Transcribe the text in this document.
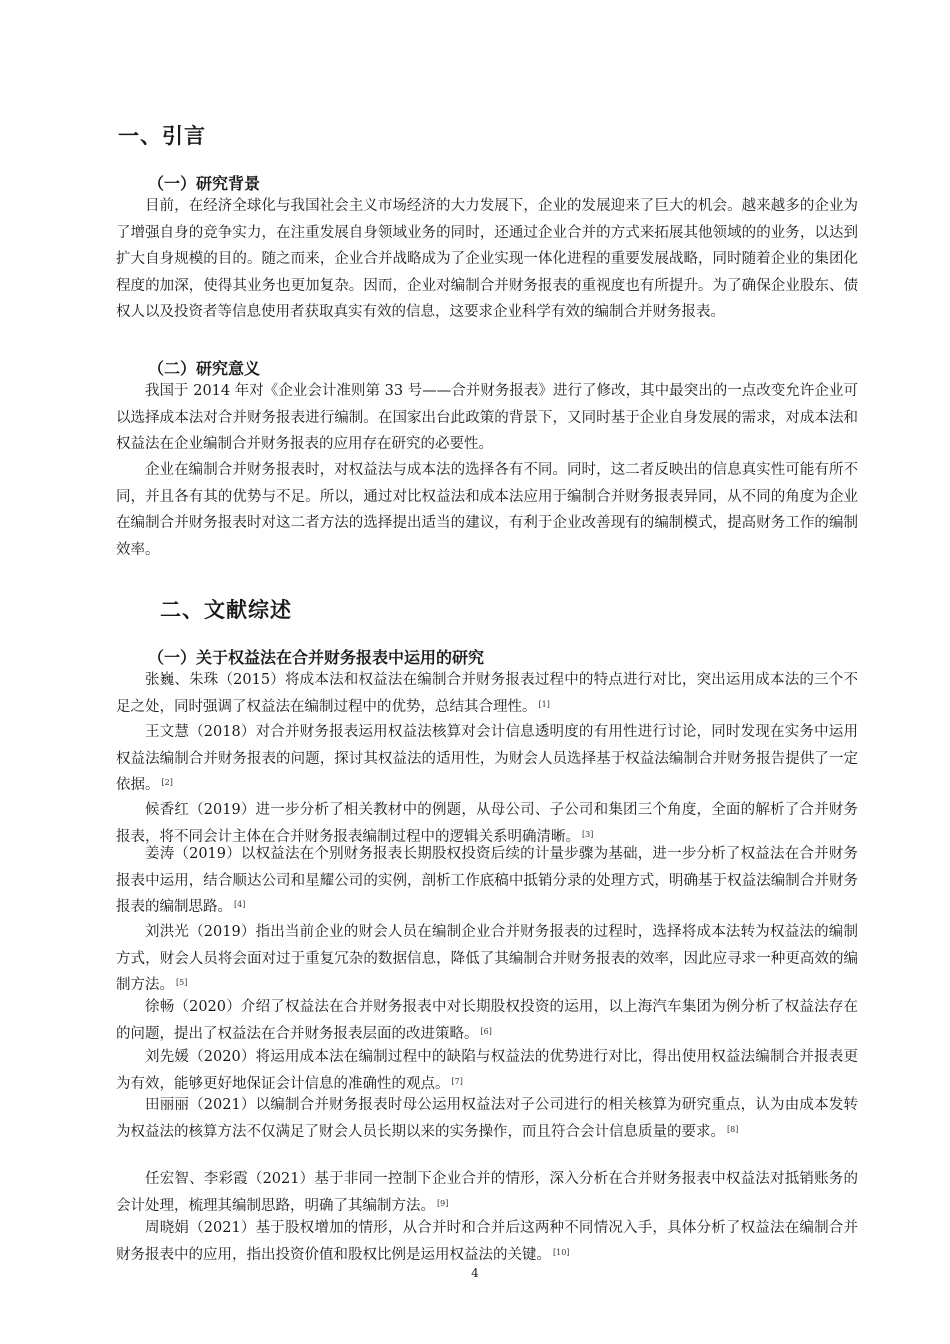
一、引言
（一）研究背景

目前，在经济全球化与我国社会主义市场经济的大力发展下，企业的发展迎来了巨大的机会。越来越多的企业为了增强自身的竞争实力，在注重发展自身领域业务的同时，还通过企业合并的方式来拓展其他领域的的业务，以达到扩大自身规模的目的。随之而来，企业合并战略成为了企业实现一体化进程的重要发展战略，同时随着企业的集团化程度的加深，使得其业务也更加复杂。因而，企业对编制合并财务报表的重视度也有所提升。为了确保企业股东、债权人以及投资者等信息使用者获取真实有效的信息，这要求企业科学有效的编制合并财务报表。

（二）研究意义

我国于 2014 年对《企业会计准则第 33 号——合并财务报表》进行了修改，其中最突出的一点改变允许企业可以选择成本法对合并财务报表进行编制。在国家出台此政策的背景下，又同时基于企业自身发展的需求，对成本法和权益法在企业编制合并财务报表的应用存在研究的必要性。

企业在编制合并财务报表时，对权益法与成本法的选择各有不同。同时，这二者反映出的信息真实性可能有所不同，并且各有其的优势与不足。所以，通过对比权益法和成本法应用于编制合并财务报表异同，从不同的角度为企业在编制合并财务报表时对这二者方法的选择提出适当的建议，有利于企业改善现有的编制模式，提高财务工作的编制效率。

二、文献综述
（一）关于权益法在合并财务报表中运用的研究

张巍、朱珠（2015）将成本法和权益法在编制合并财务报表过程中的特点进行对比，突出运用成本法的三个不足之处，同时强调了权益法在编制过程中的优势，总结其合理性。 [1]

王文慧（2018）对合并财务报表运用权益法核算对会计信息透明度的有用性进行讨论，同时发现在实务中运用权益法编制合并财务报表的问题，探讨其权益法的适用性，为财会人员选择基于权益法编制合并财务报告提供了一定依据。 [2]

候香红（2019）进一步分析了相关教材中的例题，从母公司、子公司和集团三个角度，全面的解析了合并财务报表，将不同会计主体在合并财务报表编制过程中的逻辑关系明确清晰。 [3]

姜涛（2019）以权益法在个别财务报表长期股权投资后续的计量步骤为基础，进一步分析了权益法在合并财务报表中运用，结合顺达公司和星耀公司的实例，剖析工作底稿中抵销分录的处理方式，明确基于权益法编制合并财务报表的编制思路。 [4]

刘洪光（2019）指出当前企业的财会人员在编制企业合并财务报表的过程时，选择将成本法转为权益法的编制方式，财会人员将会面对过于重复冗杂的数据信息，降低了其编制合并财务报表的效率，因此应寻求一种更高效的编制方法。 [5]

徐畅（2020）介绍了权益法在合并财务报表中对长期股权投资的运用，以上海汽车集团为例分析了权益法存在的问题，提出了权益法在合并财务报表层面的改进策略。 [6]

刘先媛（2020）将运用成本法在编制过程中的缺陷与权益法的优势进行对比，得出使用权益法编制合并报表更为有效，能够更好地保证会计信息的准确性的观点。 [7]

田丽丽（2021）以编制合并财务报表时母公运用权益法对子公司进行的相关核算为研究重点，认为由成本发转为权益法的核算方法不仅满足了财会人员长期以来的实务操作，而且符合会计信息质量的要求。 [8]

任宏智、李彩霞（2021）基于非同一控制下企业合并的情形，深入分析在合并财务报表中权益法对抵销账务的会计处理，梳理其编制思路，明确了其编制方法。 [9]

周晓娟（2021）基于股权增加的情形，从合并时和合并后这两种不同情况入手，具体分析了权益法在编制合并财务报表中的应用，指出投资价值和股权比例是运用权益法的关键。 [10]

4
